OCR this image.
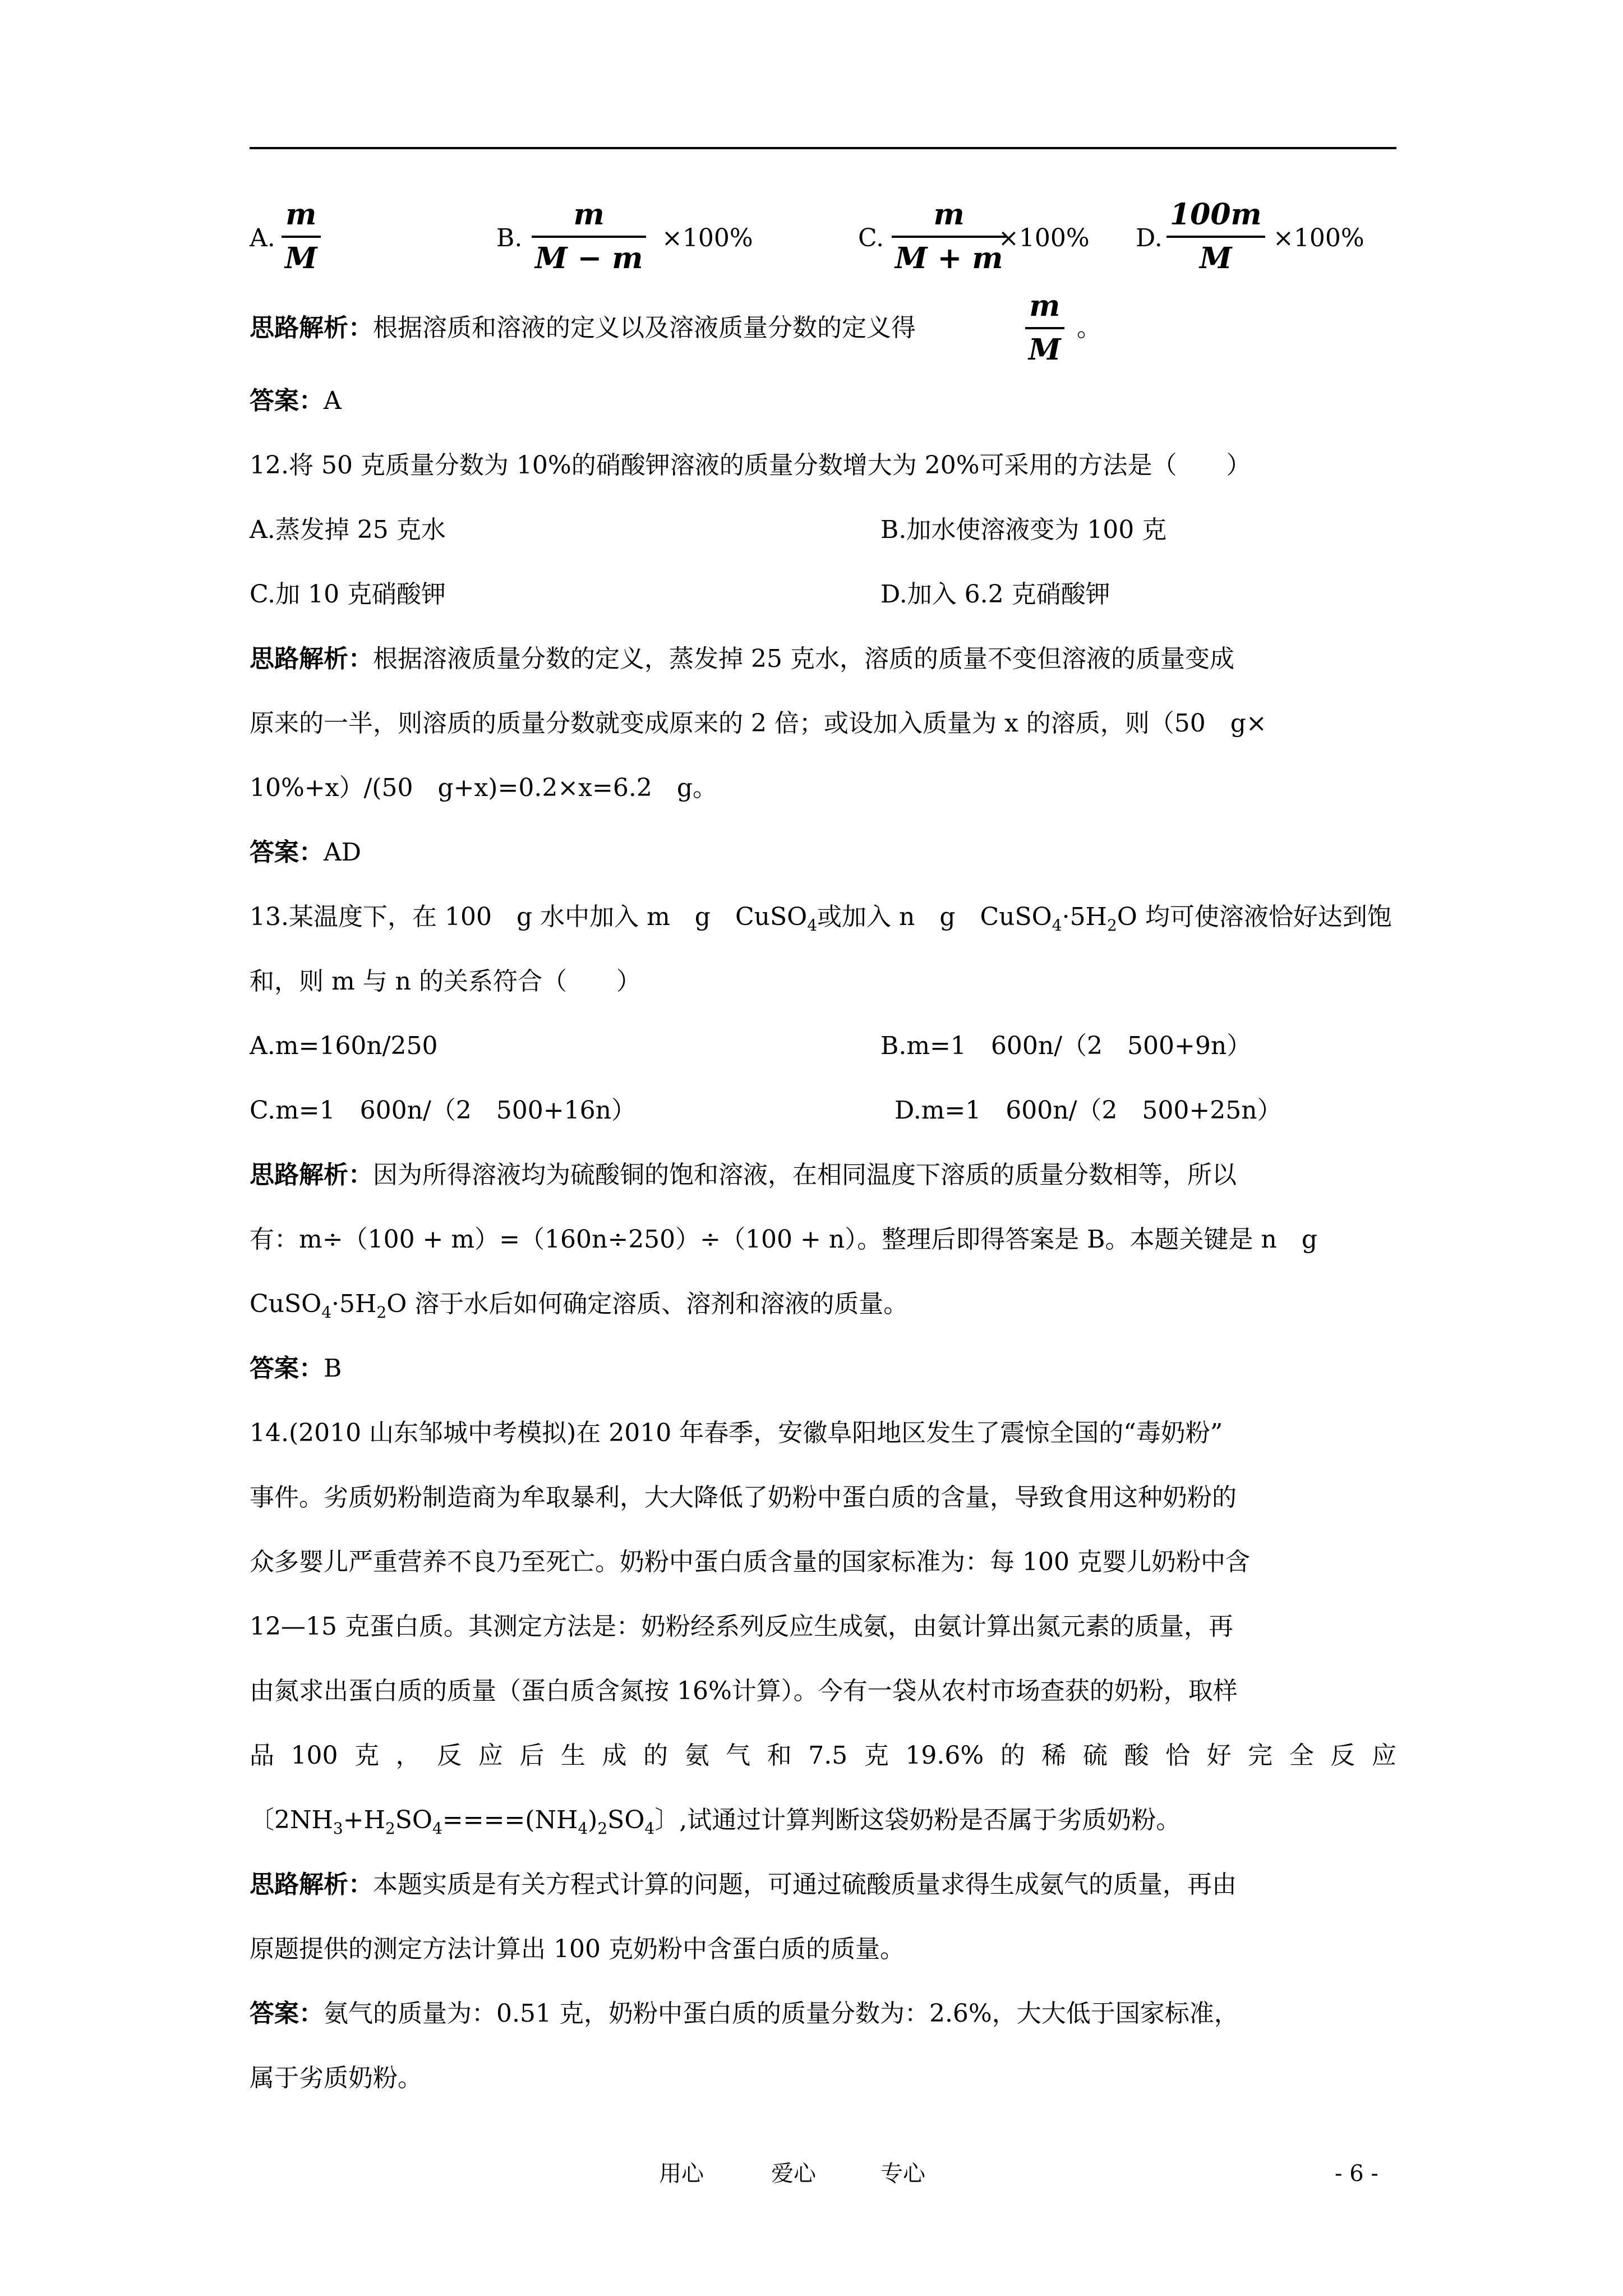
A.
m
M
B.
m
M − m
×100%	C.
m
M + m
×100% D.
100m
M
×100%
思路解析：根据溶质和溶液的定义以及溶液质量分数的定义得
m
M
。
答案：A
12.将 50 克质量分数为 10%的硝酸钾溶液的质量分数增大为 20%可采用的方法是（　　）
A.蒸发掉 25 克水	B.加水使溶液变为 100 克
C.加 10 克硝酸钾	D.加入 6.2 克硝酸钾
思路解析：根据溶液质量分数的定义，蒸发掉 25 克水，溶质的质量不变但溶液的质量变成
原来的一半，则溶质的质量分数就变成原来的 2 倍；或设加入质量为 x 的溶质，则（50　g×
10%+x）/(50　g+x)=0.2×x=6.2　g。
答案：AD
13.某温度下，在 100　g 水中加入 m　g　CuSO$_4$或加入 n　g　$CuSO_4\cdot 5H_2O$ 均可使溶液恰好达到饱
和，则 m 与 n 的关系符合（　　）
A.m=160n/250	B.m=1　600n/（2　500+9n）
C.m=1　600n/（2　500+16n）	D.m=1　600n/（2　500+25n）
思路解析：因为所得溶液均为硫酸铜的饱和溶液，在相同温度下溶质的质量分数相等，所以
有：m÷（100 + m）=（160n÷250）÷（100 + n）。整理后即得答案是 B。本题关键是 n　g
$CuSO_4\cdot 5H_2O$ 溶于水后如何确定溶质、溶剂和溶液的质量。
答案：B
14.(2010 山东邹城中考模拟)在 2010 年春季，安徽阜阳地区发生了震惊全国的“毒奶粉”
事件。劣质奶粉制造商为牟取暴利，大大降低了奶粉中蛋白质的含量，导致食用这种奶粉的
众多婴儿严重营养不良乃至死亡。奶粉中蛋白质含量的国家标准为：每 100 克婴儿奶粉中含
12—15 克蛋白质。其测定方法是：奶粉经系列反应生成氨，由氨计算出氮元素的质量，再
由氮求出蛋白质的质量（蛋白质含氮按 16%计算）。今有一袋从农村市场查获的奶粉，取样
品 100 克 ， 反 应 后 生 成 的 氨 气 和 7.5 克 19.6% 的 稀 硫 酸 恰 好 完 全 反 应
〔$2NH_3+H_2SO_4====(NH_4)_2SO_4$〕,试通过计算判断这袋奶粉是否属于劣质奶粉。
思路解析：本题实质是有关方程式计算的问题，可通过硫酸质量求得生成氨气的质量，再由
原题提供的测定方法计算出 100 克奶粉中含蛋白质的质量。
答案：氨气的质量为：0.51 克，奶粉中蛋白质的质量分数为：2.6%，大大低于国家标准，
属于劣质奶粉。
用心	爱心	专心	- 6 -
